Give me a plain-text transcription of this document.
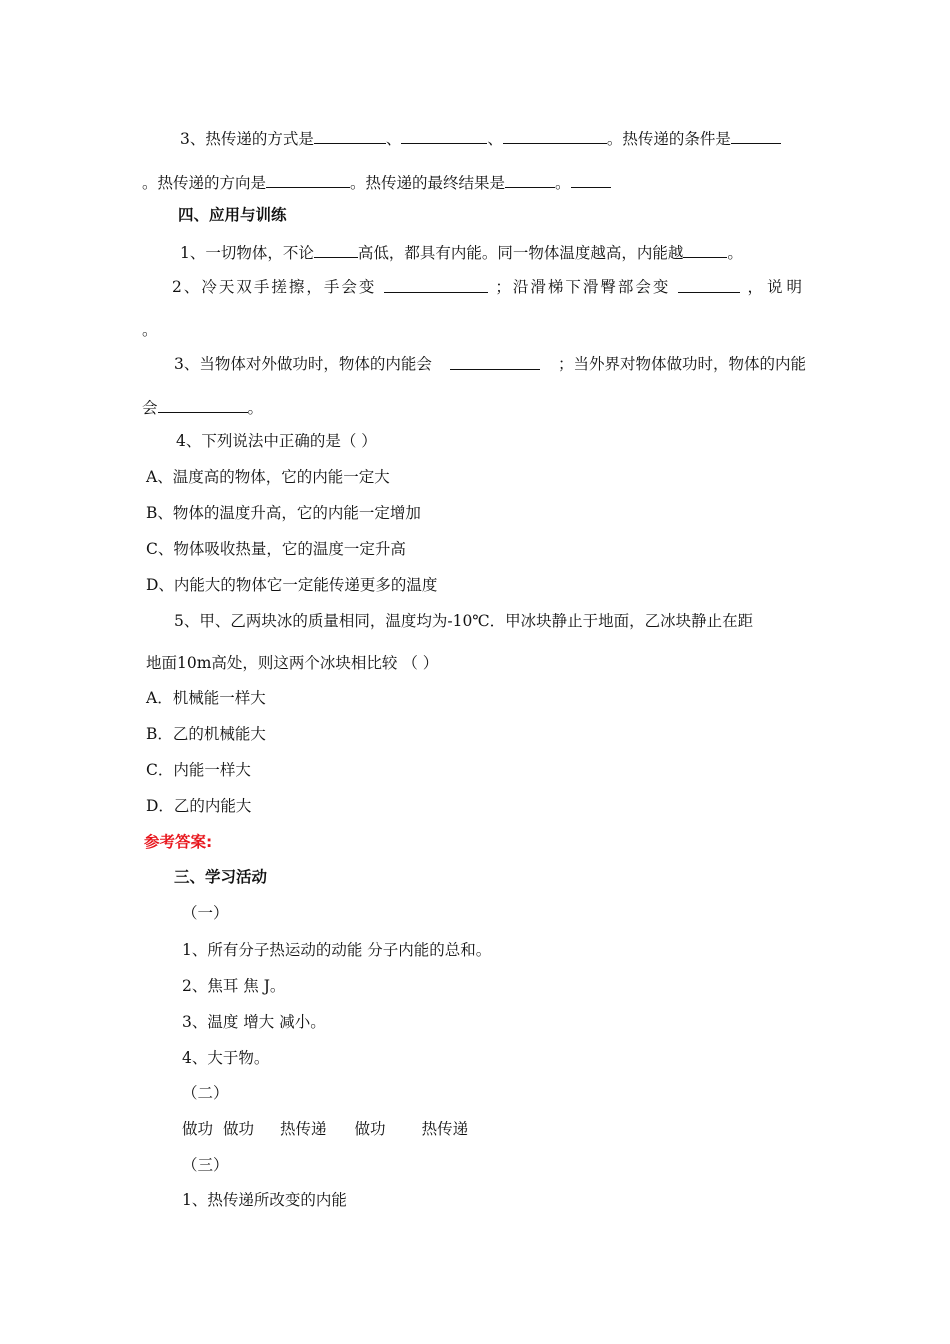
3、热传递的方式是	、	、	。热传递的条件是
。热传递的方向是	。热传递的最终结果是	。
四、应用与训练
1、一切物体，不论	高低，都具有内能。同一物体温度越高，内能越	。
2、冷天双手搓擦，手会变	；沿滑梯下滑臀部会变	，说明
。
3、当物体对外做功时，物体的内能会	；当外界对物体做功时，物体的内能
会	。
4、下列说法中正确的是（ ）
A、温度高的物体，它的内能一定大
B、物体的温度升高，它的内能一定增加
C、物体吸收热量，它的温度一定升高
D、内能大的物体它一定能传递更多的温度
5、甲、乙两块冰的质量相同，温度均为-10℃．甲冰块静止于地面，乙冰块静止在距
地面10m高处，则这两个冰块相比较 （ ）
A．机械能一样大
B．乙的机械能大
C．内能一样大
D．乙的内能大
参考答案:
三、学习活动
（一）
1、所有分子热运动的动能 分子内能的总和。
2、焦耳 焦 J。
3、温度 增大 减小。
4、大于物。
（二）
做功 做功 热传递 做功 热传递
（三）
1、热传递所改变的内能
